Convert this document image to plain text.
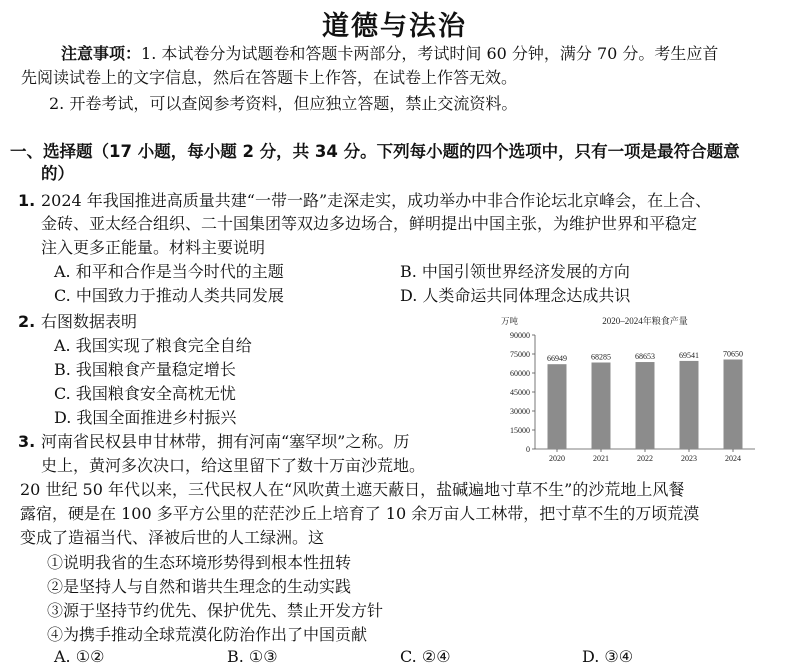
道德与法治
注意事项：1. 本试卷分为试题卷和答题卡两部分，考试时间 60 分钟，满分 70 分。考生应首
先阅读试卷上的文字信息，然后在答题卡上作答，在试卷上作答无效。
2. 开卷考试，可以查阅参考资料，但应独立答题，禁止交流资料。
一、选择题（17 小题，每小题 2 分，共 34 分。下列每小题的四个选项中，只有一项是最符合题意
的）
1. 2024 年我国推进高质量共建“一带一路”走深走实，成功举办中非合作论坛北京峰会，在上合、
金砖、亚太经合组织、二十国集团等双边多边场合，鲜明提出中国主张，为维护世界和平稳定
注入更多正能量。材料主要说明
A. 和平和合作是当今时代的主题	B. 中国引领世界经济发展的方向
C. 中国致力于推动人类共同发展	D. 人类命运共同体理念达成共识
2. 右图数据表明
A. 我国实现了粮食完全自给
B. 我国粮食产量稳定增长
C. 我国粮食安全高枕无忧
D. 我国全面推进乡村振兴
万吨	2020–2024年粮食产量
0
15000
30000
45000
60000
75000
90000
66949	68285	68653	69541	70650
2020	2021	2022	2023	2024
3. 河南省民权县申甘林带，拥有河南“塞罕坝”之称。历
史上，黄河多次决口，给这里留下了数十万亩沙荒地。
20 世纪 50 年代以来，三代民权人在“风吹黄土遮天蔽日，盐碱遍地寸草不生”的沙荒地上风餐
露宿，硬是在 100 多平方公里的茫茫沙丘上培育了 10 余万亩人工林带，把寸草不生的万顷荒漠
变成了造福当代、泽被后世的人工绿洲。这
①说明我省的生态环境形势得到根本性扭转
②是坚持人与自然和谐共生理念的生动实践
③源于坚持节约优先、保护优先、禁止开发方针
④为携手推动全球荒漠化防治作出了中国贡献
A. ①②	B. ①③	C. ②④	D. ③④
